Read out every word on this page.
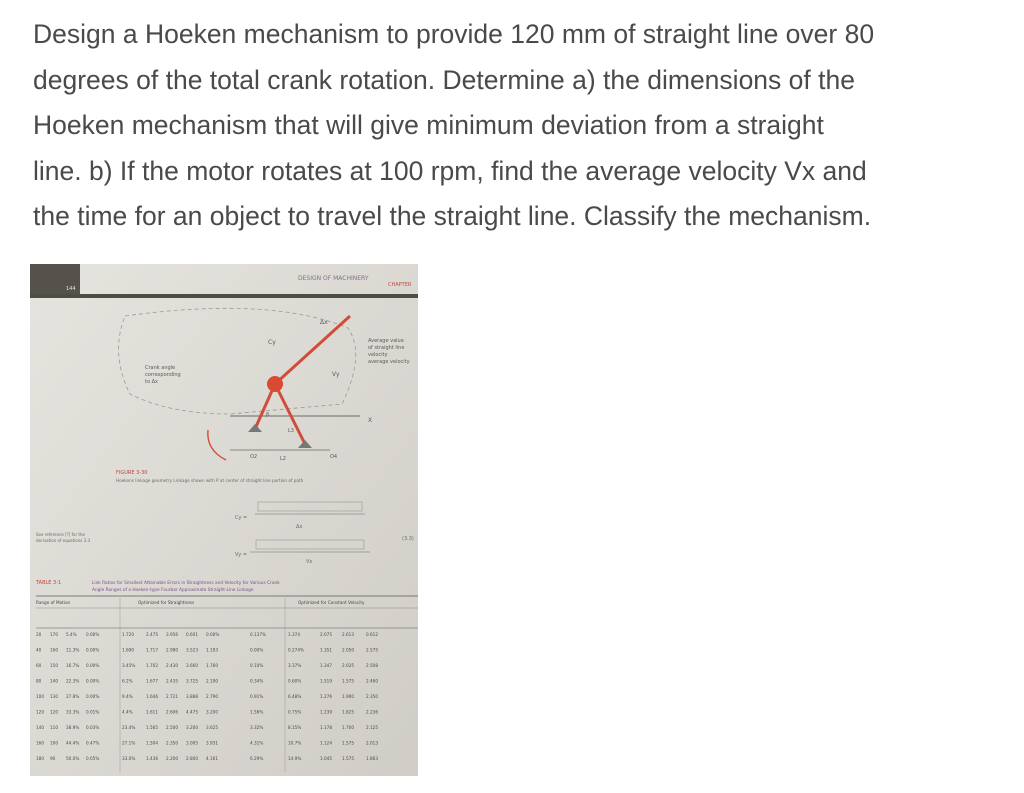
Design a Hoeken mechanism to provide 120 mm of straight line over 80

degrees of the total crank rotation. Determine a) the dimensions of the

Hoeken mechanism that will give minimum deviation from a straight

line. b) If the motor rotates at 100 rpm, find the average velocity Vx and

the time for an object to travel the straight line. Classify the mechanism.

DESIGN OF MACHINERY
CHAPTER
144
Crank angle
corresponding
to Δx
Average value
of straight line
velocity
average velocity
Cy
Δx
Vy
X
β
L3
L2
O2	O4
FIGURE 3-30
Hoekens linkage geometry Linkage shown with P at center of straight line portion of path
Δx
Vx
Cy =
Vy =
(3.3)
See reference [?] for the
derivation of equations 3.3
TABLE 3-1	Link Ratios for Smallest Attainable Errors in Straightness and Velocity for Various Crank
Angle Ranges of a Hoeken-type Fourbar Approximate Straight-Line Linkage
Range of Motion	Optimized for Straightness	Optimized for Constant Velocity
20 170 5.4% 0.00%	1.720	2.475 3.956 0.601 0.00%	0.137%	1.374	2.075 2.613	0.612
40 160 11.3% 0.00%	1.690	1.717 2.980 3.523 1.193	0.00%	0.274%	1.351 2.050	2.575
60 150 16.7% 0.00%	3.45%	1.702 2.430 3.660 1.760	0.10%	3.37%	1.347 2.025	2.508
80 140 22.3% 0.00%	6.2%	1.677 2.435 3.725 2.190	0.34%	0.60%	1.519 1.575	2.460
100 130 27.8% 0.00%	9.4%	1.646 2.721 3.888 2.790	0.91%	6.48%	1.276 1.900	2.350
120 120 33.3% 0.01%	4.4%	1.611 2.606 4.475 3.200	1.56%	0.75%	1.239 1.825	2.236
140 110 38.9% 0.03%	23.4%	1.565 2.500 3.200 3.625	3.32%	8.15%	1.178 1.700	2.125
160 100 44.4% 0.47%	27.1%	1.504 2.350 3.005 3.931	4.31%	10.7%	1.124 1.575	2.013
180 90	50.0% 0.05%	33.0%	1.436 2.200 2.800 4.161	6.29%	14.9%	1.045 1.575	1.863
